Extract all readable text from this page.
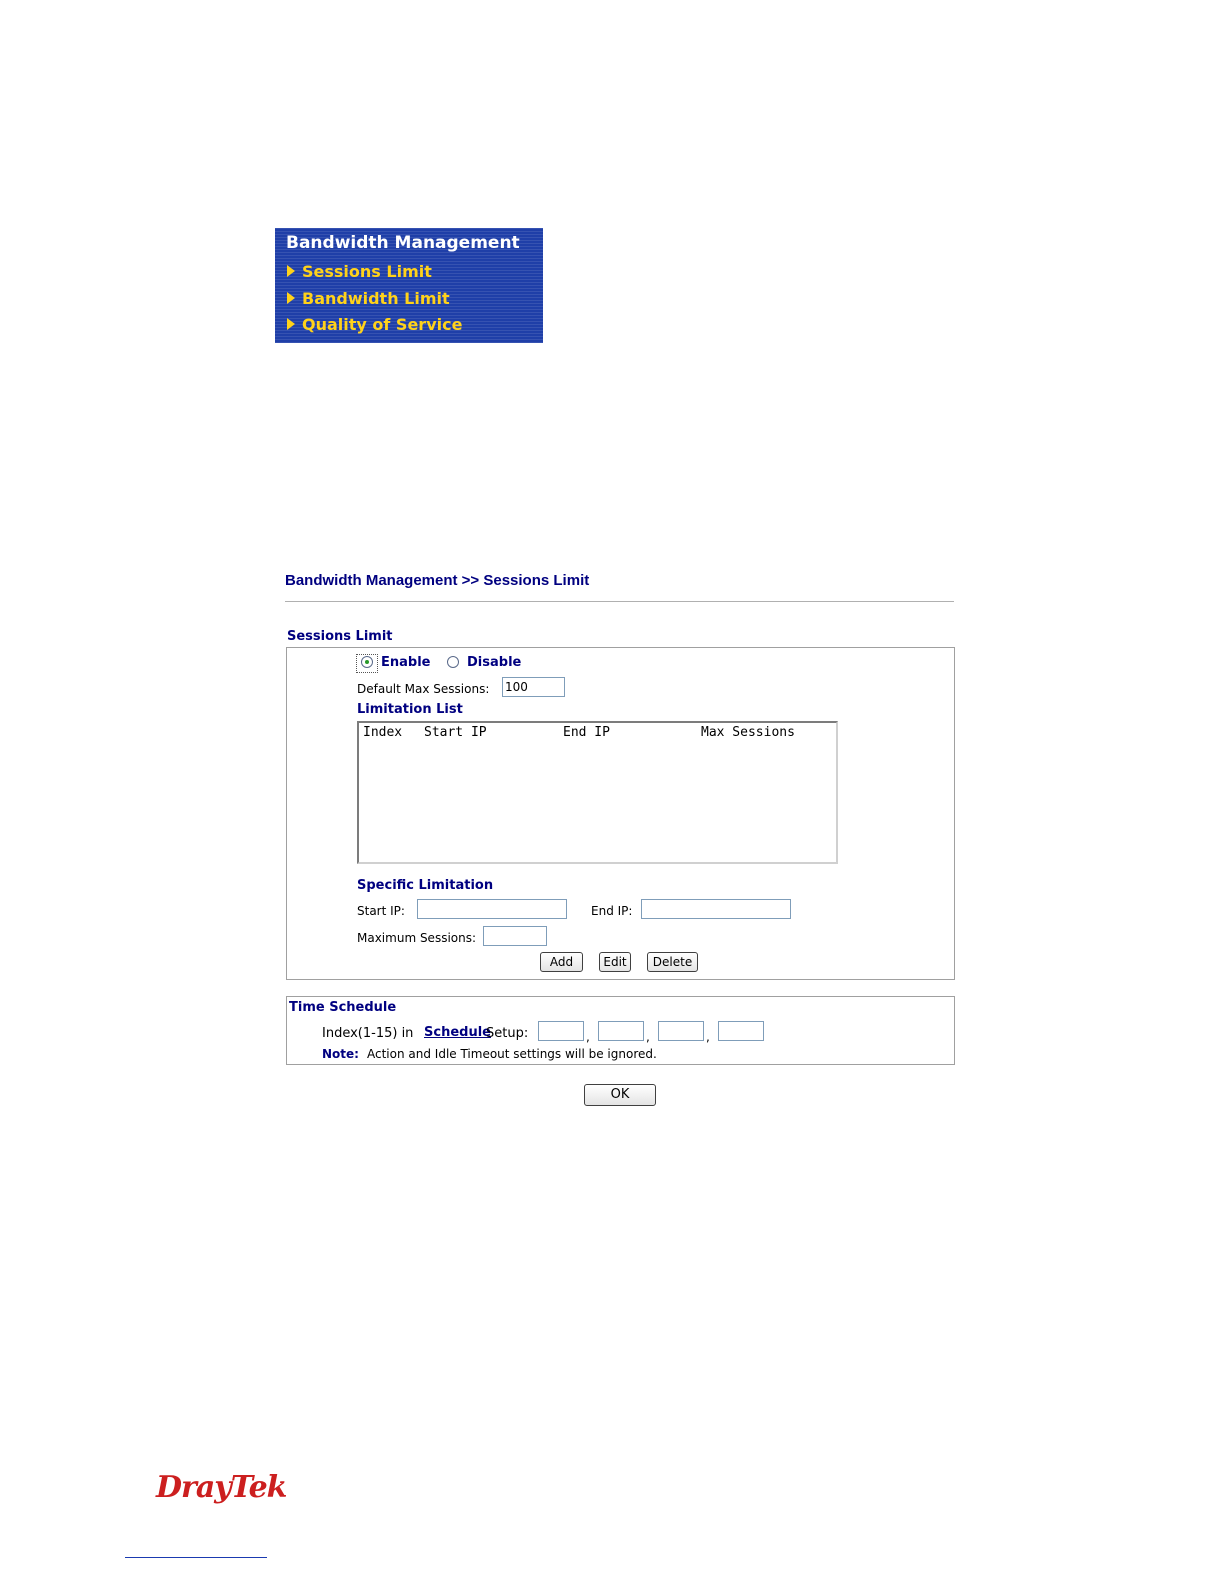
Bandwidth Management
Sessions Limit
Bandwidth Limit
Quality of Service
Bandwidth Management >> Sessions Limit
Sessions Limit
Enable	Disable
Default Max Sessions: 100
Limitation List
Index Start IP	End IP	Max Sessions
Specific Limitation
Start IP:	End IP:
Maximum Sessions:
Add	Edit	Delete
Time Schedule
Index(1-15) in Schedule
Setup:	,	,	,
Note: Action and Idle Timeout settings will be ignored.
OK
DrayTek
